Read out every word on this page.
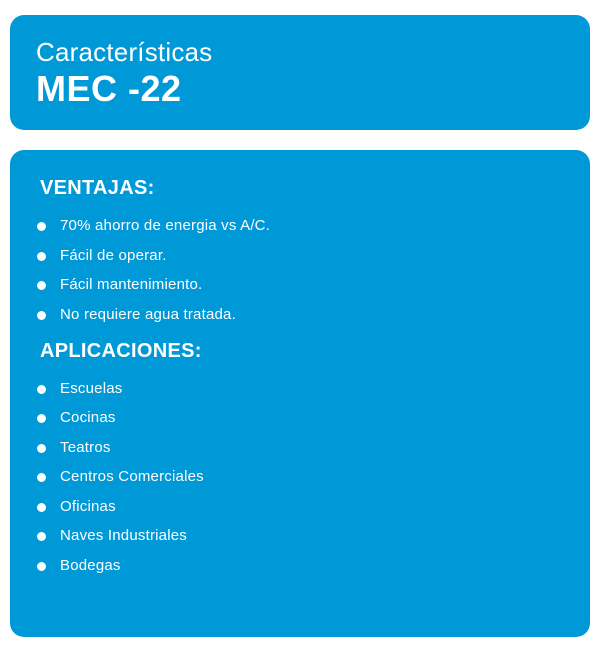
Características
MEC -22
VENTAJAS:
70% ahorro de energia vs A/C.
Fácil de operar.
Fácil mantenimiento.
No requiere agua tratada.
APLICACIONES:
Escuelas
Cocinas
Teatros
Centros Comerciales
Oficinas
Naves Industriales
Bodegas
